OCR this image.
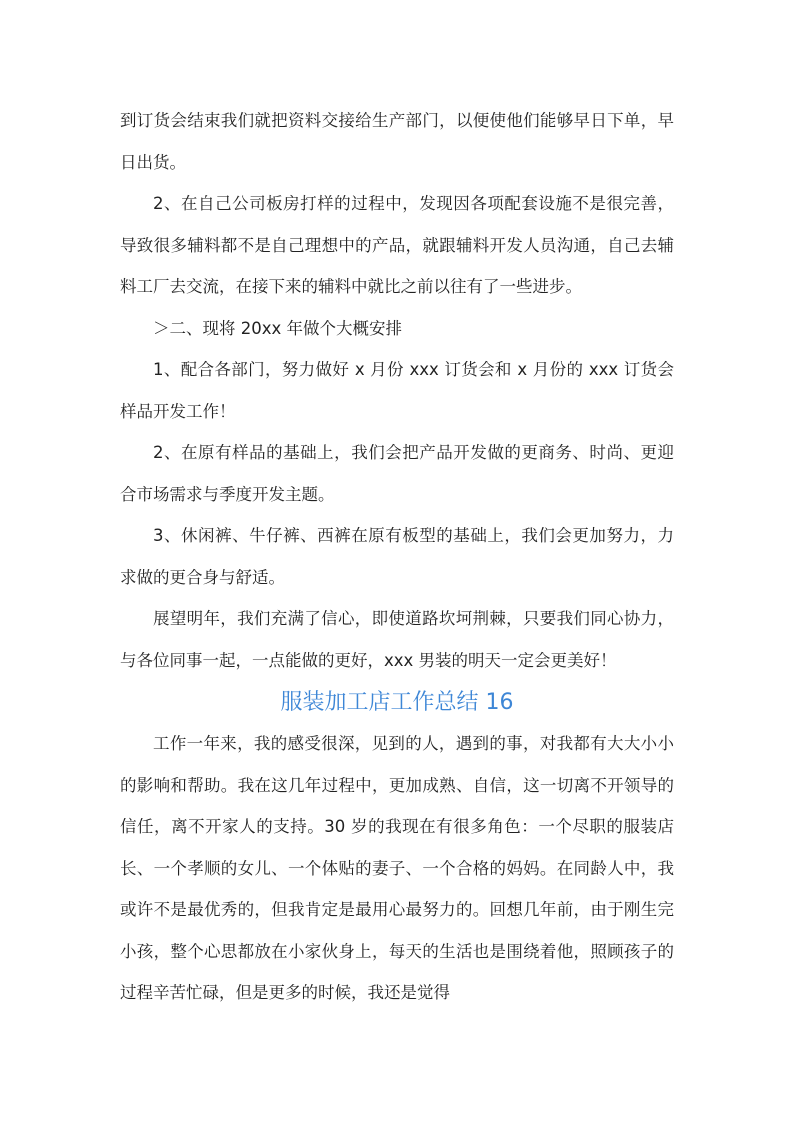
到订货会结束我们就把资料交接给生产部门，以便使他们能够早日下单，早日出货。

2、在自己公司板房打样的过程中，发现因各项配套设施不是很完善，导致很多辅料都不是自己理想中的产品，就跟辅料开发人员沟通，自己去辅料工厂去交流，在接下来的辅料中就比之前以往有了一些进步。

＞二、现将 20xx 年做个大概安排

1、配合各部门，努力做好 x 月份 xxx 订货会和 x 月份的 xxx 订货会样品开发工作！

2、在原有样品的基础上，我们会把产品开发做的更商务、时尚、更迎合市场需求与季度开发主题。

3、休闲裤、牛仔裤、西裤在原有板型的基础上，我们会更加努力，力求做的更合身与舒适。

展望明年，我们充满了信心，即使道路坎坷荆棘，只要我们同心协力，与各位同事一起，一点能做的更好，xxx 男装的明天一定会更美好！

服装加工店工作总结 16

工作一年来，我的感受很深，见到的人，遇到的事，对我都有大大小小的影响和帮助。我在这几年过程中，更加成熟、自信，这一切离不开领导的信任，离不开家人的支持。30 岁的我现在有很多角色：一个尽职的服装店长、一个孝顺的女儿、一个体贴的妻子、一个合格的妈妈。在同龄人中，我或许不是最优秀的，但我肯定是最用心最努力的。回想几年前，由于刚生完小孩，整个心思都放在小家伙身上，每天的生活也是围绕着他，照顾孩子的过程辛苦忙碌，但是更多的时候，我还是觉得
